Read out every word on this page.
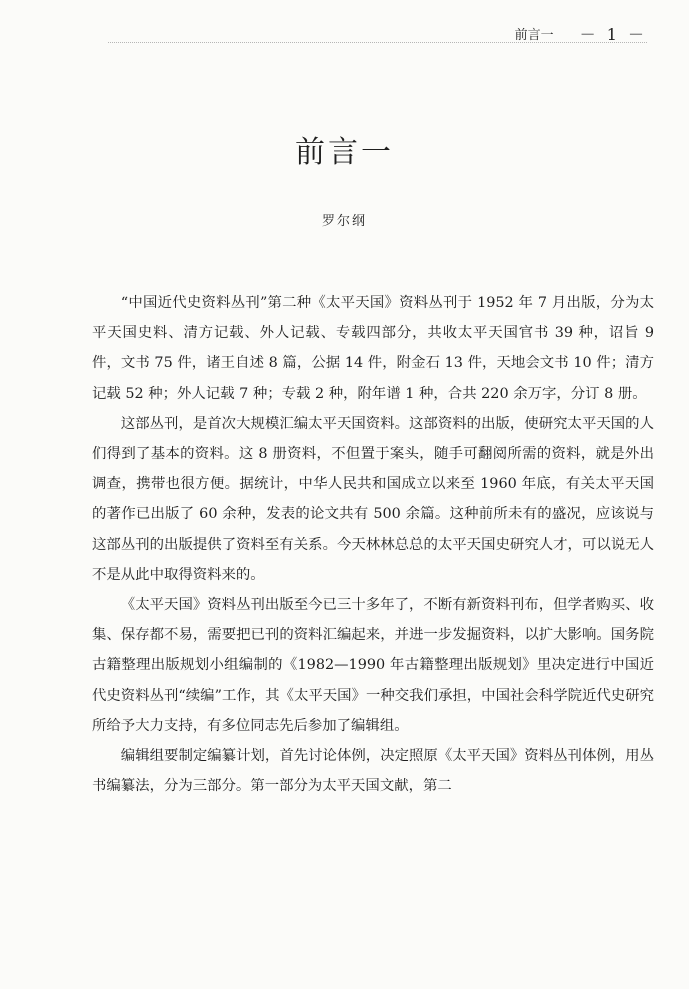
前言一 － 1 －
前言一
罗尔纲

“中国近代史资料丛刊”第二种《太平天国》资料丛刊于 1952 年 7 月出版，分为太平天国史料、清方记载、外人记载、专载四部分，共收太平天国官书 39 种，诏旨 9 件，文书 75 件，诸王自述 8 篇，公据 14 件，附金石 13 件，天地会文书 10 件；清方记载 52 种；外人记载 7 种；专载 2 种，附年谱 1 种，合共 220 余万字，分订 8 册。

这部丛刊，是首次大规模汇编太平天国资料。这部资料的出版，使研究太平天国的人们得到了基本的资料。这 8 册资料，不但置于案头，随手可翻阅所需的资料，就是外出调查，携带也很方便。据统计，中华人民共和国成立以来至 1960 年底，有关太平天国的著作已出版了 60 余种，发表的论文共有 500 余篇。这种前所未有的盛况，应该说与这部丛刊的出版提供了资料至有关系。今天林林总总的太平天国史研究人才，可以说无人不是从此中取得资料来的。

《太平天国》资料丛刊出版至今已三十多年了，不断有新资料刊布，但学者购买、收集、保存都不易，需要把已刊的资料汇编起来，并进一步发掘资料，以扩大影响。国务院古籍整理出版规划小组编制的《1982—1990 年古籍整理出版规划》里决定进行中国近代史资料丛刊“续编”工作，其《太平天国》一种交我们承担，中国社会科学院近代史研究所给予大力支持，有多位同志先后参加了编辑组。

编辑组要制定编纂计划，首先讨论体例，决定照原《太平天国》资料丛刊体例，用丛书编纂法，分为三部分。第一部分为太平天国文献，第二
